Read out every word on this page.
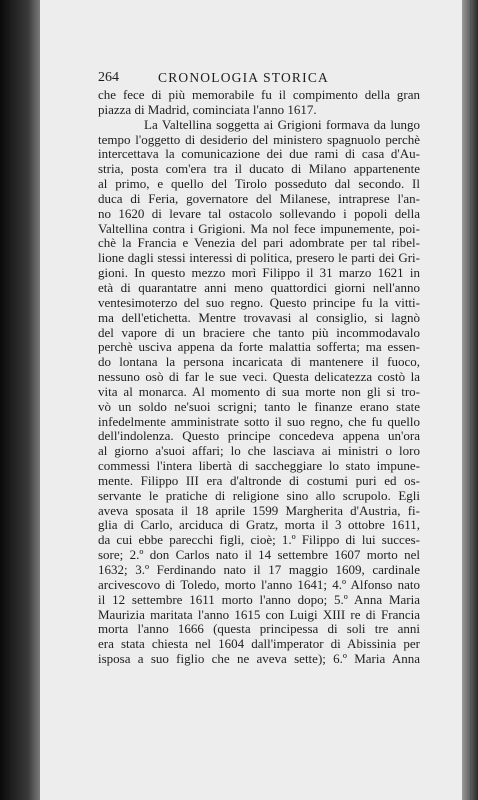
264	CRONOLOGIA STORICA
che fece di più memorabile fu il compimento della gran
piazza di Madrid, cominciata l'anno 1617.
La Valtellina soggetta ai Grigioni formava da lungo
tempo l'oggetto di desiderio del ministero spagnuolo perchè
intercettava la comunicazione dei due rami di casa d'Au-
stria, posta com'era tra il ducato di Milano appartenente
al primo, e quello del Tirolo posseduto dal secondo. Il
duca di Feria, governatore del Milanese, intraprese l'an-
no 1620 di levare tal ostacolo sollevando i popoli della
Valtellina contra i Grigioni. Ma nol fece impunemente, poi-
chè la Francia e Venezia del pari adombrate per tal ribel-
lione dagli stessi interessi di politica, presero le parti dei Gri-
gioni. In questo mezzo morì Filippo il 31 marzo 1621 in
età di quarantatre anni meno quattordici giorni nell'anno
ventesimoterzo del suo regno. Questo principe fu la vitti-
ma dell'etichetta. Mentre trovavasi al consiglio, si lagnò
del vapore di un braciere che tanto più incommodavalo
perchè usciva appena da forte malattia sofferta; ma essen-
do lontana la persona incaricata di mantenere il fuoco,
nessuno osò di far le sue veci. Questa delicatezza costò la
vita al monarca. Al momento di sua morte non gli si tro-
vò un soldo ne'suoi scrigni; tanto le finanze erano state
infedelmente amministrate sotto il suo regno, che fu quello
dell'indolenza. Questo principe concedeva appena un'ora
al giorno a'suoi affari; lo che lasciava ai ministri o loro
commessi l'intera libertà di saccheggiare lo stato impune-
mente. Filippo III era d'altronde di costumi puri ed os-
servante le pratiche di religione sino allo scrupolo. Egli
aveva sposata il 18 aprile 1599 Margherita d'Austria, fi-
glia di Carlo, arciduca di Gratz, morta il 3 ottobre 1611,
da cui ebbe parecchi figli, cioè; 1.º Filippo di lui succes-
sore; 2.º don Carlos nato il 14 settembre 1607 morto nel
1632; 3.º Ferdinando nato il 17 maggio 1609, cardinale
arcivescovo di Toledo, morto l'anno 1641; 4.º Alfonso nato
il 12 settembre 1611 morto l'anno dopo; 5.º Anna Maria
Maurizia maritata l'anno 1615 con Luigi XIII re di Francia
morta l'anno 1666 (questa principessa di soli tre anni
era stata chiesta nel 1604 dall'imperator di Abissinia per
isposa a suo figlio che ne aveva sette); 6.º Maria Anna
